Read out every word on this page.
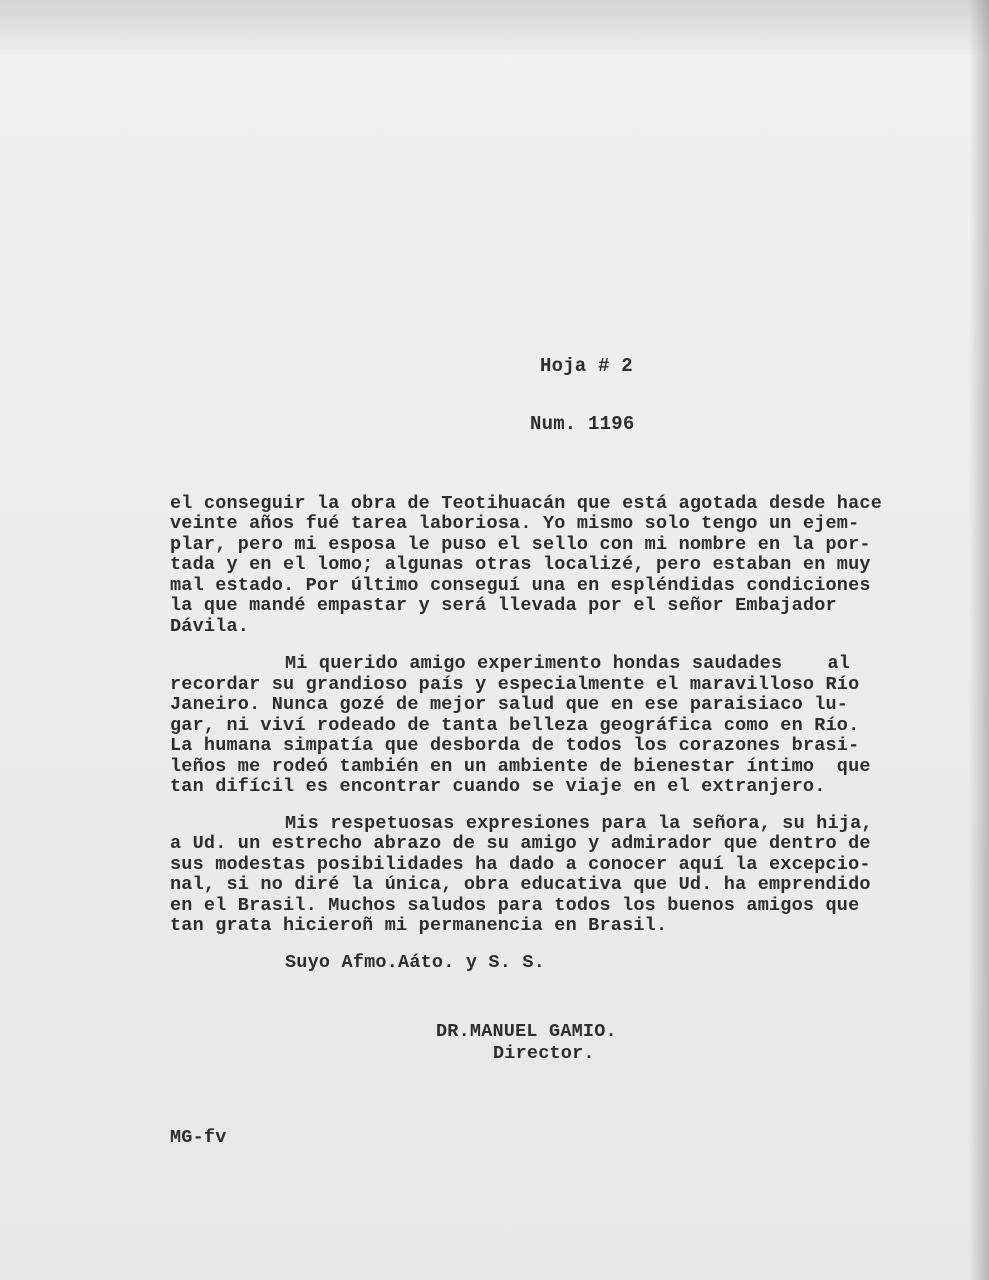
Hoja # 2
Num. 1196
el conseguir la obra de Teotihuacán que está agotada desde hace
veinte años fué tarea laboriosa. Yo mismo solo tengo un ejem-
plar, pero mi esposa le puso el sello con mi nombre en la por-
tada y en el lomo; algunas otras localizé, pero estaban en muy
mal estado. Por último conseguí una en espléndidas condiciones
la que mandé empastar y será llevada por el señor Embajador
Dávila.
Mi querido amigo experimento hondas saudades    al
recordar su grandioso país y especialmente el maravilloso Río
Janeiro. Nunca gozé de mejor salud que en ese paraisiaco lu-
gar, ni viví rodeado de tanta belleza geográfica como en Río.
La humana simpatía que desborda de todos los corazones brasi-
leños me rodeó también en un ambiente de bienestar íntimo  que
tan difícil es encontrar cuando se viaje en el extranjero.
Mis respetuosas expresiones para la señora, su hija,
a Ud. un estrecho abrazo de su amigo y admirador que dentro de
sus modestas posibilidades ha dado a conocer aquí la excepcio-
nal, si no diré la única, obra educativa que Ud. ha emprendido
en el Brasil. Muchos saludos para todos los buenos amigos que
tan grata hicieroñ mi permanencia en Brasil.
Suyo Afmo.Aáto. y S. S.
DR.MANUEL GAMIO.
Director.
MG-fv
